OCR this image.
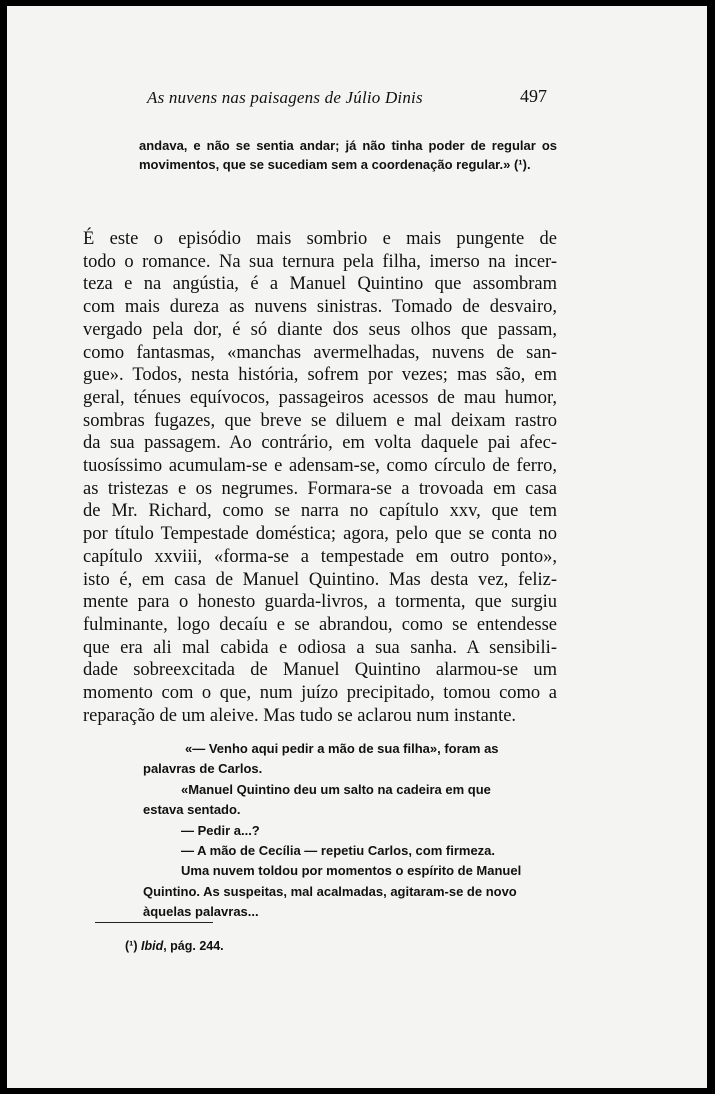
As nuvens nas paisagens de Júlio Dinis	497
andava, e não se sentia andar; já não tinha poder de regular os movimentos, que se sucediam sem a coordenação regular.» (¹).
É este o episódio mais sombrio e mais pungente de
todo o romance. Na sua ternura pela filha, imerso na incer-
teza e na angústia, é a Manuel Quintino que assombram
com mais dureza as nuvens sinistras. Tomado de desvairo,
vergado pela dor, é só diante dos seus olhos que passam,
como fantasmas, «manchas avermelhadas, nuvens de san-
gue». Todos, nesta história, sofrem por vezes; mas são, em
geral, ténues equívocos, passageiros acessos de mau humor,
sombras fugazes, que breve se diluem e mal deixam rastro
da sua passagem. Ao contrário, em volta daquele pai afec-
tuosíssimo acumulam-se e adensam-se, como círculo de ferro,
as tristezas e os negrumes. Formara-se a trovoada em casa
de Mr. Richard, como se narra no capítulo xxv, que tem
por título Tempestade doméstica; agora, pelo que se conta no
capítulo xxviii, «forma-se a tempestade em outro ponto»,
isto é, em casa de Manuel Quintino. Mas desta vez, feliz-
mente para o honesto guarda-livros, a tormenta, que surgiu
fulminante, logo decaíu e se abrandou, como se entendesse
que era ali mal cabida e odiosa a sua sanha. A sensibili-
dade sobreexcitada de Manuel Quintino alarmou-se um
momento com o que, num juízo precipitado, tomou como a
reparação de um aleive. Mas tudo se aclarou num instante.
«— Venho aqui pedir a mão de sua filha», foram as
palavras de Carlos.
«Manuel Quintino deu um salto na cadeira em que
estava sentado.
— Pedir a...?
— A mão de Cecília — repetiu Carlos, com firmeza.
Uma nuvem toldou por momentos o espírito de Manuel
Quintino. As suspeitas, mal acalmadas, agitaram-se de novo
àquelas palavras...
(¹) Ibid, pág. 244.
